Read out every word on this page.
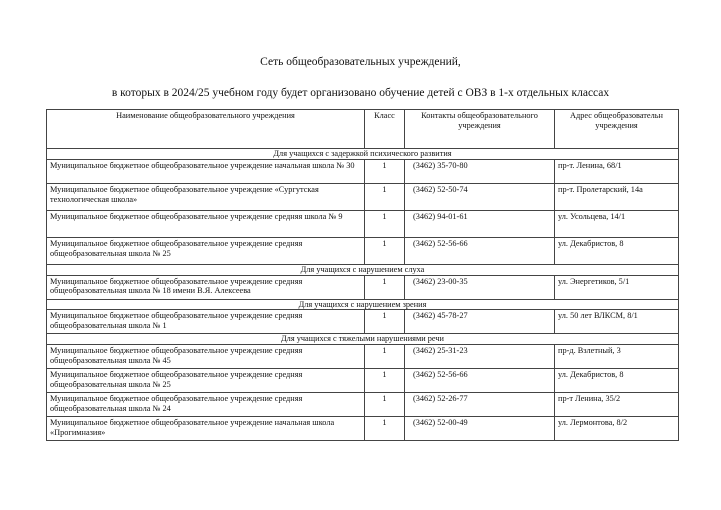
Сеть общеобразовательных учреждений,
в которых в 2024/25 учебном году будет организовано обучение детей с ОВЗ в 1-х отдельных классах
Наименование общеобразовательного учреждения	Класс	Контакты общеобразовательного учреждения	Адрес общеобразовательн учреждения
Для учащихся с задержкой психического развития			
Муниципальное бюджетное общеобразовательное учреждение начальная школа № 30	1	(3462) 35-70-80	пр-т. Ленина, 68/1
Муниципальное бюджетное общеобразовательное учреждение «Сургутская технологическая школа»	1	(3462) 52-50-74	пр-т. Пролетарский, 14а
Муниципальное бюджетное общеобразовательное учреждение средняя школа № 9	1	(3462) 94-01-61	ул. Усольцева, 14/1
Муниципальное бюджетное общеобразовательное учреждение средняя общеобразовательная школа № 25	1	(3462) 52-56-66	ул. Декабристов, 8
Для учащихся с нарушением слуха			
Муниципальное бюджетное общеобразовательное учреждение средняя общеобразовательная школа № 18 имени В.Я. Алексеева	1	(3462) 23-00-35	ул. Энергетиков, 5/1
Для учащихся с нарушением зрения			
Муниципальное бюджетное общеобразовательное учреждение средняя общеобразовательная школа № 1	1	(3462) 45-78-27	ул. 50 лет ВЛКСМ, 8/1
Для учащихся с тяжелыми нарушениями речи			
Муниципальное бюджетное общеобразовательное учреждение средняя общеобразовательная школа № 45	1	(3462) 25-31-23	пр-д. Взлетный, 3
Муниципальное бюджетное общеобразовательное учреждение средняя общеобразовательная школа № 25	1	(3462) 52-56-66	ул. Декабристов, 8
Муниципальное бюджетное общеобразовательное учреждение средняя общеобразовательная школа № 24	1	(3462) 52-26-77	пр-т Ленина, 35/2
Муниципальное бюджетное общеобразовательное учреждение начальная школа «Прогимназия»	1	(3462) 52-00-49	ул. Лермонтова, 8/2
